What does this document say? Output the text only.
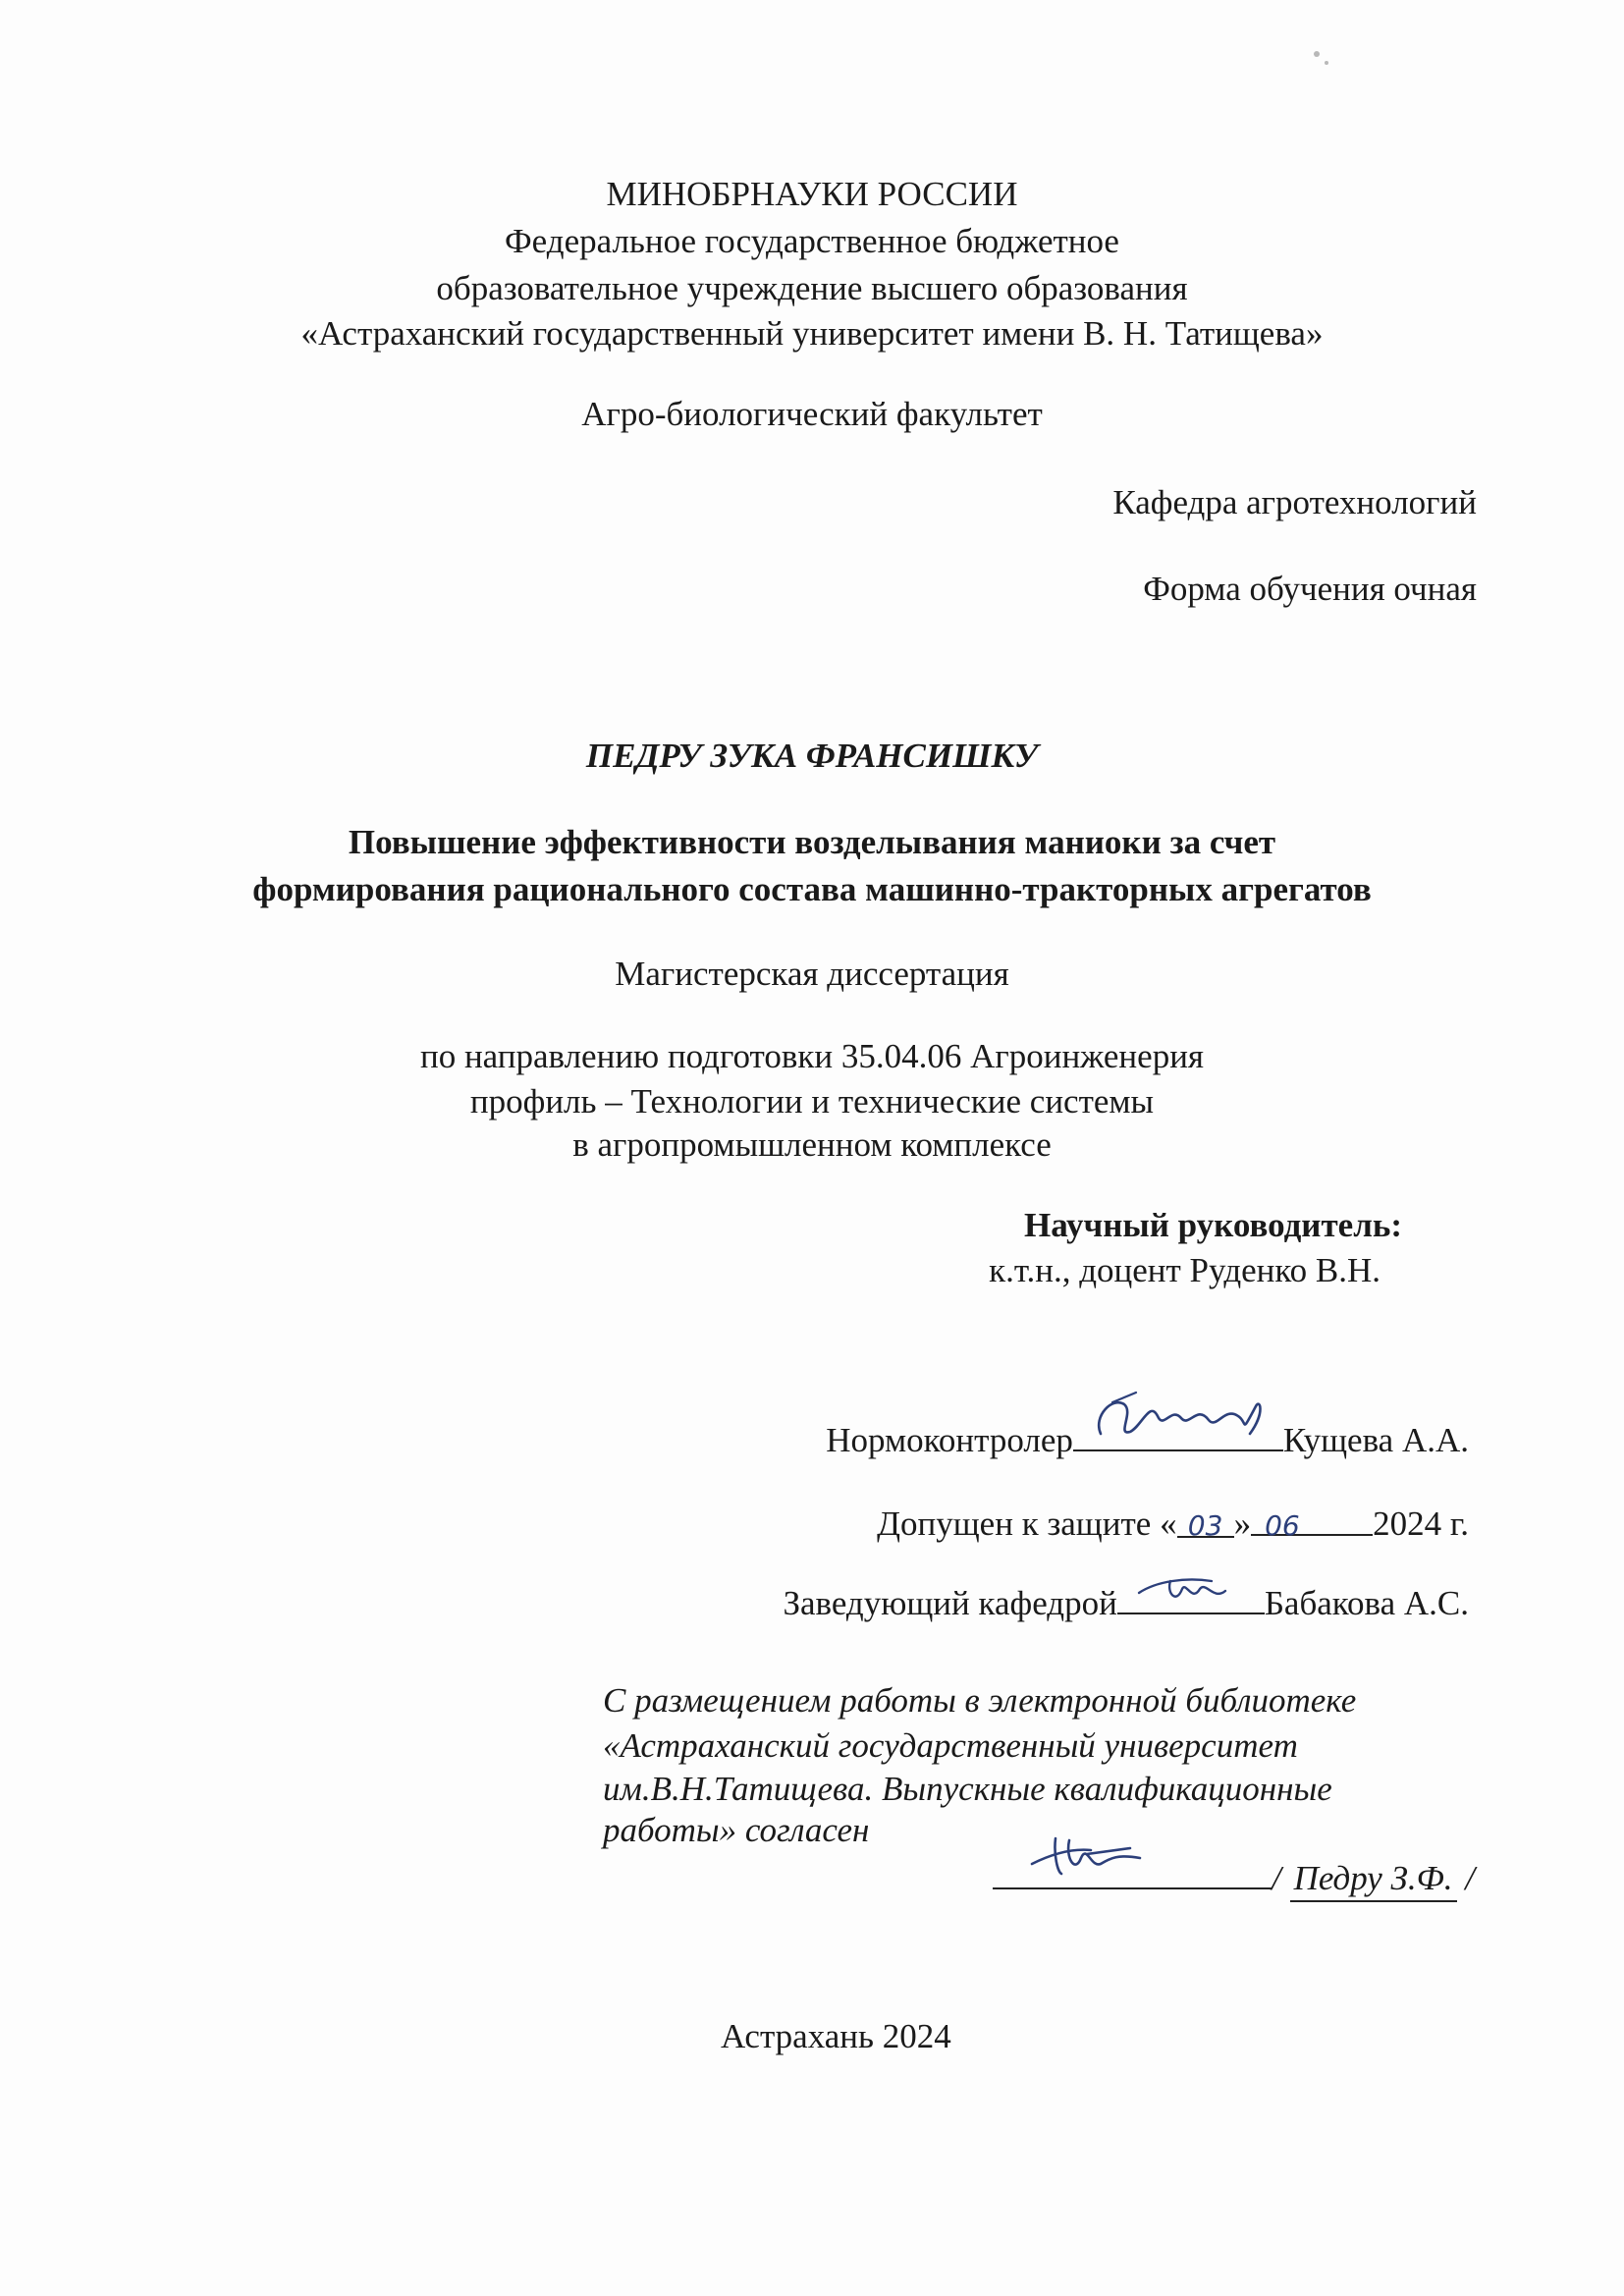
МИНОБРНАУКИ РОССИИ
Федеральное государственное бюджетное
образовательное учреждение высшего образования
«Астраханский государственный университет имени В. Н. Татищева»
Агро-биологический факультет
Кафедра агротехнологий
Форма обучения очная
ПЕДРУ ЗУКА ФРАНСИШКУ
Повышение эффективности возделывания маниоки за счет
формирования рационального состава машинно-тракторных агрегатов
Магистерская диссертация
по направлению подготовки 35.04.06 Агроинженерия
профиль – Технологии и технические системы
в агропромышленном комплексе
Научный руководитель:
к.т.н., доцент Руденко В.Н.
Нормоконтролер	Кущева А.А.
Допущен к защите « 03 » 06 2024 г.
Заведующий кафедрой	Бабакова А.С.
С размещением работы в электронной библиотеке
«Астраханский государственный университет
им.В.Н.Татищева. Выпускные квалификационные
работы» согласен
/ Педру З.Ф. /
Астрахань 2024
